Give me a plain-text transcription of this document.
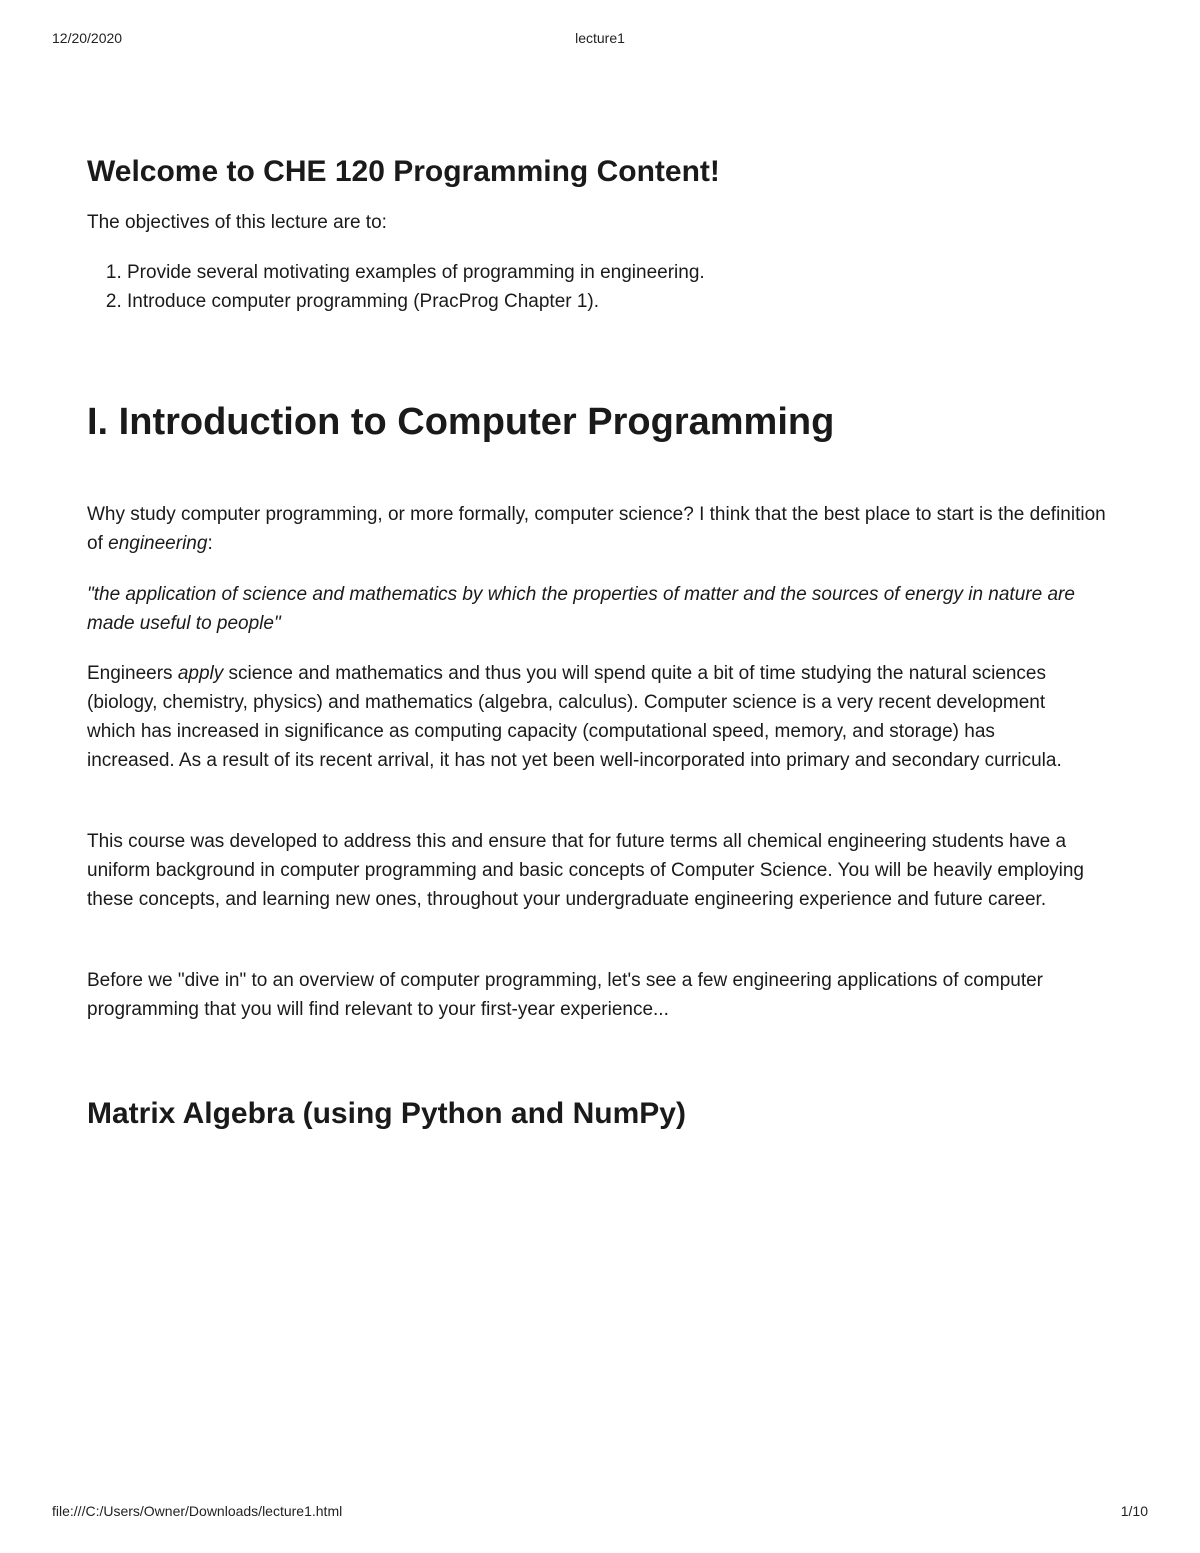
12/20/2020	lecture1
Welcome to CHE 120 Programming Content!

The objectives of this lecture are to:

1. Provide several motivating examples of programming in engineering.
2. Introduce computer programming (PracProg Chapter 1).
I. Introduction to Computer Programming

Why study computer programming, or more formally, computer science? I think that the best place to start is the definition of engineering:

"the application of science and mathematics by which the properties of matter and the sources of energy in nature are made useful to people"

Engineers apply science and mathematics and thus you will spend quite a bit of time studying the natural sciences (biology, chemistry, physics) and mathematics (algebra, calculus). Computer science is a very recent development which has increased in significance as computing capacity (computational speed, memory, and storage) has increased. As a result of its recent arrival, it has not yet been well-incorporated into primary and secondary curricula.

This course was developed to address this and ensure that for future terms all chemical engineering students have a uniform background in computer programming and basic concepts of Computer Science. You will be heavily employing these concepts, and learning new ones, throughout your undergraduate engineering experience and future career.

Before we "dive in" to an overview of computer programming, let's see a few engineering applications of computer programming that you will find relevant to your first-year experience...

Matrix Algebra (using Python and NumPy)
file:///C:/Users/Owner/Downloads/lecture1.html	1/10
